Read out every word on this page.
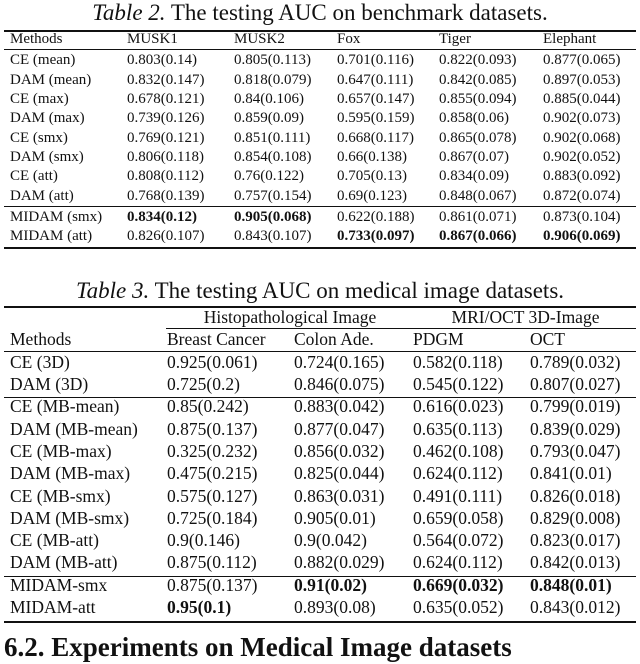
Table 2. The testing AUC on benchmark datasets.
Methods	MUSK1	MUSK2	Fox	Tiger	Elephant
CE (mean)	0.803(0.14)	0.805(0.113)	0.701(0.116)	0.822(0.093)	0.877(0.065)
DAM (mean)	0.832(0.147)	0.818(0.079)	0.647(0.111)	0.842(0.085)	0.897(0.053)
CE (max)	0.678(0.121)	0.84(0.106)	0.657(0.147)	0.855(0.094)	0.885(0.044)
DAM (max)	0.739(0.126)	0.859(0.09)	0.595(0.159)	0.858(0.06)	0.902(0.073)
CE (smx)	0.769(0.121)	0.851(0.111)	0.668(0.117)	0.865(0.078)	0.902(0.068)
DAM (smx)	0.806(0.118)	0.854(0.108)	0.66(0.138)	0.867(0.07)	0.902(0.052)
CE (att)	0.808(0.112)	0.76(0.122)	0.705(0.13)	0.834(0.09)	0.883(0.092)
DAM (att)	0.768(0.139)	0.757(0.154)	0.69(0.123)	0.848(0.067)	0.872(0.074)
MIDAM (smx)	0.834(0.12)	0.905(0.068)	0.622(0.188)	0.861(0.071)	0.873(0.104)
MIDAM (att)	0.826(0.107)	0.843(0.107)	0.733(0.097)	0.867(0.066)	0.906(0.069)
Table 3. The testing AUC on medical image datasets.
	Histopathological Image		MRI/OCT 3D-Image	
Methods	Breast Cancer	Colon Ade.	PDGM	OCT
CE (3D)	0.925(0.061)	0.724(0.165)	0.582(0.118)	0.789(0.032)
DAM (3D)	0.725(0.2)	0.846(0.075)	0.545(0.122)	0.807(0.027)
CE (MB-mean)	0.85(0.242)	0.883(0.042)	0.616(0.023)	0.799(0.019)
DAM (MB-mean)	0.875(0.137)	0.877(0.047)	0.635(0.113)	0.839(0.029)
CE (MB-max)	0.325(0.232)	0.856(0.032)	0.462(0.108)	0.793(0.047)
DAM (MB-max)	0.475(0.215)	0.825(0.044)	0.624(0.112)	0.841(0.01)
CE (MB-smx)	0.575(0.127)	0.863(0.031)	0.491(0.111)	0.826(0.018)
DAM (MB-smx)	0.725(0.184)	0.905(0.01)	0.659(0.058)	0.829(0.008)
CE (MB-att)	0.9(0.146)	0.9(0.042)	0.564(0.072)	0.823(0.017)
DAM (MB-att)	0.875(0.112)	0.882(0.029)	0.624(0.112)	0.842(0.013)
MIDAM-smx	0.875(0.137)	0.91(0.02)	0.669(0.032)	0.848(0.01)
MIDAM-att	0.95(0.1)	0.893(0.08)	0.635(0.052)	0.843(0.012)
6.2. Experiments on Medical Image datasets
